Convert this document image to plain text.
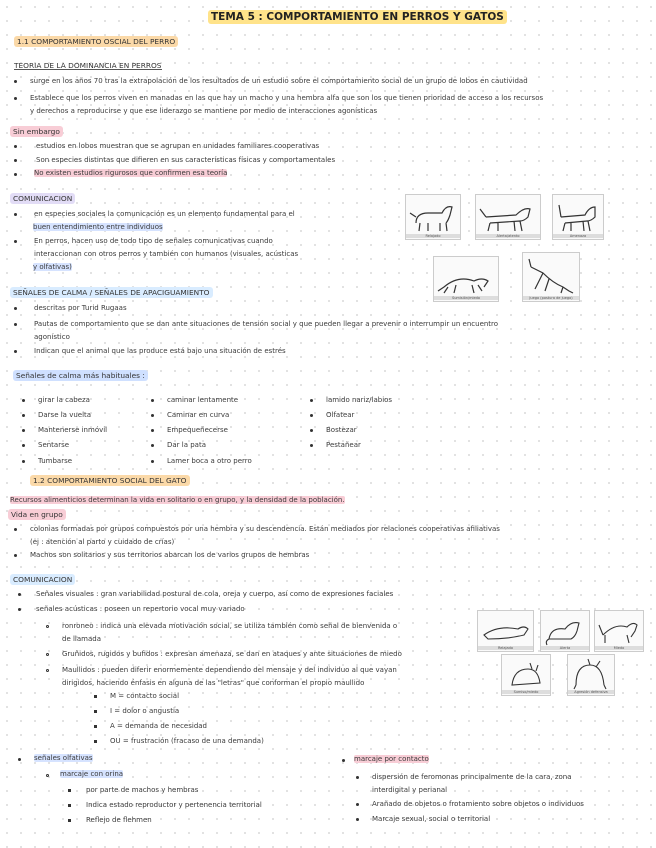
TEMA 5 : COMPORTAMIENTO EN PERROS Y GATOS
1.1 COMPORTAMIENTO OSCIAL DEL PERRO
TEORIA DE LA DOMINANCIA EN PERROS
surge en los años 70 tras la extrapolación de los resultados de un estudio sobre el comportamiento social de un grupo de lobos en cautividad
Establece que los perros viven en manadas en las que hay un macho y una hembra alfa que son los que tienen prioridad de acceso a los recursos
y derechos a reproducirse y que ese liderazgo se mantiene por medio de interacciones agonísticas
Sin embargo
estudios en lobos muestran que se agrupan en unidades familiares cooperativas
Son especies distintas que difieren en sus características físicas y comportamentales
No existen estudios rigurosos que confirmen esa teoría
COMUNICACION
en especies sociales la comunicación es un elemento fundamental para el
buen entendimiento entre individuos
En perros, hacen uso de todo tipo de señales comunicativas cuando
interaccionan con otros perros y también con humanos (visuales, acústicas
y olfativas)
Relajado	Alerta/atento	Amenaza
Sumisión/miedo	Juego (postura de juego)
SEÑALES DE CALMA / SEÑALES DE APACIGUAMIENTO
descritas por Turid Rugaas
Pautas de comportamiento que se dan ante situaciones de tensión social y que pueden llegar a prevenir o interrumpir un encuentro
agonístico
Indican que el animal que las produce está bajo una situación de estrés
Señales de calma más habituales :
girar la cabeza
Darse la vuelta
Mantenerse inmóvil
Sentarse
Tumbarse
caminar lentamente
Caminar en curva
Empequeñecerse
Dar la pata
Lamer boca a otro perro
lamido nariz/labios
Olfatear
Bostezar
Pestañear
1.2 COMPORTAMIENTO SOCIAL DEL GATO
Recursos alimenticios determinan la vida en solitario o en grupo, y la densidad de la población.
Vida en grupo
colonias formadas por grupos compuestos por una hembra y su descendencia. Están mediados por relaciones cooperativas afiliativas
(ej : atención al parto y cuidado de crías)
Machos son solitarios y sus territorios abarcan los de varios grupos de hembras
COMUNICACION
Señales visuales : gran variabilidad postural de cola, oreja y cuerpo, así como de expresiones faciales
señales acústicas : poseen un repertorio vocal muy variado
ronroneo : indica una elevada motivación social, se utiliza también como señal de bienvenida o
de llamada
Gruñidos, rugidos y bufidos : expresan amenaza, se dan en ataques y ante situaciones de miedo
Maullidos : pueden diferir enormemente dependiendo del mensaje y del individuo al que vayan
dirigidos, haciendo énfasis en alguna de las "letras" que conforman el propio maullido
M = contacto social
I = dolor o angustia
A = demanda de necesidad
OU = frustración (fracaso de una demanda)
Relajado	Alerta	Miedo
Sumiso/miedo	Agresión defensiva
señales olfativas
marcaje con orina
por parte de machos y hembras
Indica estado reproductor y pertenencia territorial
Reflejo de flehmen
marcaje por contacto
dispersión de feromonas principalmente de la cara, zona
interdigital y perianal
Arañado de objetos o frotamiento sobre objetos o individuos
Marcaje sexual, social o territorial
